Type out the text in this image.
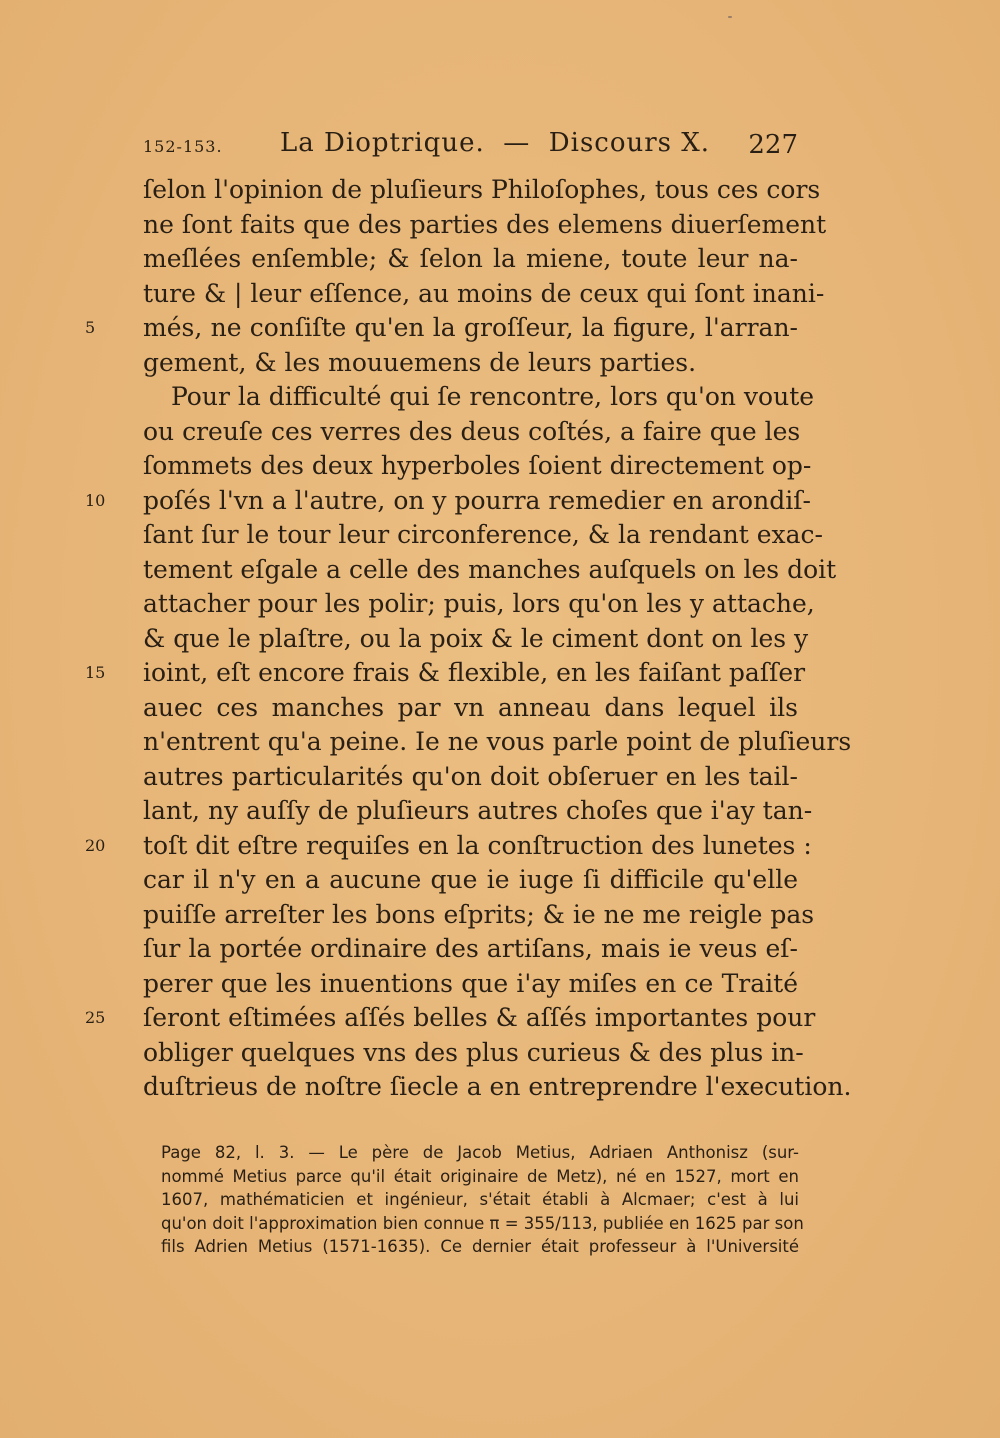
152-153. La Dioptrique.  —  Discours X. 227
ſelon l'opinion de pluſieurs Philoſophes, tous ces cors
ne ſont faits que des parties des elemens diuerſement
meſlées enſemble; & ſelon la miene, toute leur na-
ture & | leur eſſence, au moins de ceux qui ſont inani-
5	més, ne conſiſte qu'en la groſſeur, la figure, l'arran-
gement, & les mouuemens de leurs parties.
Pour la difficulté qui ſe rencontre, lors qu'on voute
ou creuſe ces verres des deus coſtés, a faire que les
ſommets des deux hyperboles ſoient directement op-
10 poſés l'vn a l'autre, on y pourra remedier en arondiſ-
ſant ſur le tour leur circonference, & la rendant exac-
tement eſgale a celle des manches auſquels on les doit
attacher pour les polir; puis, lors qu'on les y attache,
& que le plaſtre, ou la poix & le ciment dont on les y
15 ioint, eſt encore frais & flexible, en les faiſant paſſer
auec ces manches par vn anneau dans lequel ils
n'entrent qu'a peine. Ie ne vous parle point de pluſieurs
autres particularités qu'on doit obſeruer en les tail-
lant, ny auſſy de pluſieurs autres choſes que i'ay tan-
20 toſt dit eſtre requiſes en la conſtruction des lunetes :
car il n'y en a aucune que ie iuge ſi difficile qu'elle
puiſſe arreſter les bons eſprits; & ie ne me reigle pas
ſur la portée ordinaire des artiſans, mais ie veus eſ-
perer que les inuentions que i'ay miſes en ce Traité
25 ſeront eſtimées aſſés belles & aſſés importantes pour
obliger quelques vns des plus curieus & des plus in-
duſtrieus de noſtre ſiecle a en entreprendre l'execution.
Page 82, l. 3. — Le père de Jacob Metius, Adriaen Anthonisz (sur-
nommé Metius parce qu'il était originaire de Metz), né en 1527, mort en
1607, mathématicien et ingénieur, s'était établi à Alcmaer; c'est à lui
qu'on doit l'approximation bien connue π = 355/113, publiée en 1625 par son
fils Adrien Metius (1571-1635). Ce dernier était professeur à l'Université
